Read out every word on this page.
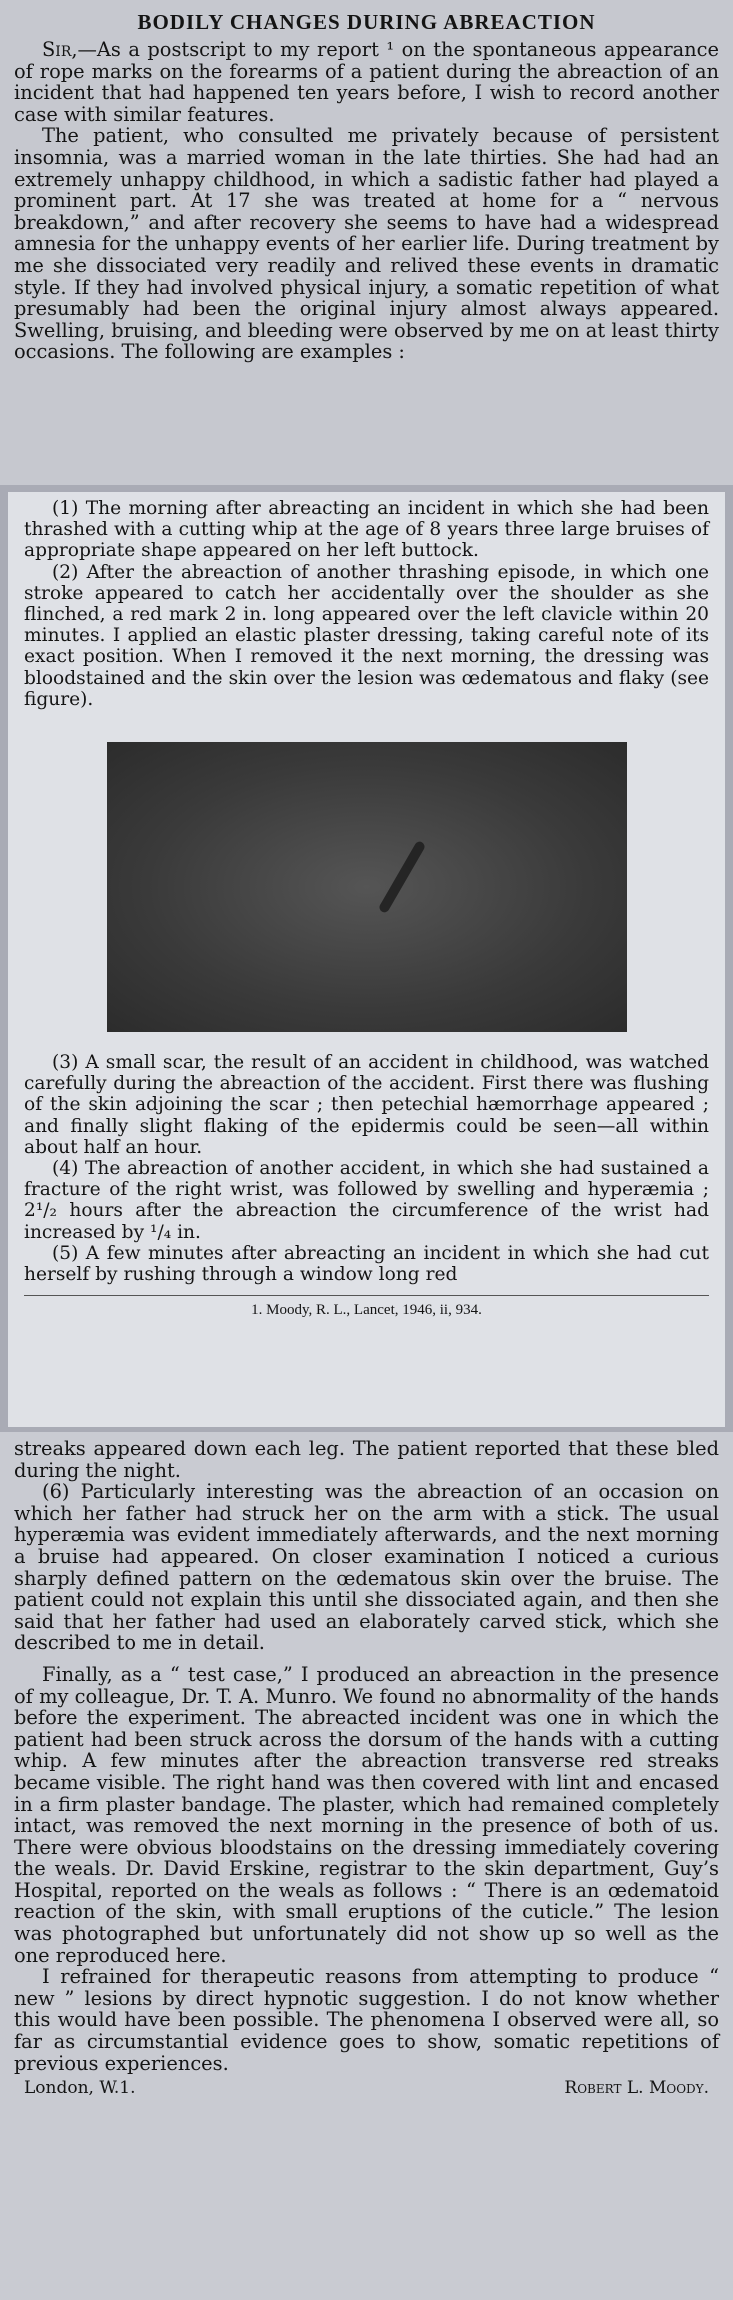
BODILY CHANGES DURING ABREACTION

Sir,—As a postscript to my report ¹ on the spontaneous appearance of rope marks on the forearms of a patient during the abreaction of an incident that had happened ten years before, I wish to record another case with similar features.

The patient, who consulted me privately because of persistent insomnia, was a married woman in the late thirties. She had had an extremely unhappy childhood, in which a sadistic father had played a prominent part. At 17 she was treated at home for a “ nervous breakdown,” and after recovery she seems to have had a widespread amnesia for the unhappy events of her earlier life. During treatment by me she dissociated very readily and relived these events in dramatic style. If they had involved physical injury, a somatic repetition of what presumably had been the original injury almost always appeared. Swelling, bruising, and bleeding were observed by me on at least thirty occasions. The following are examples :

(1) The morning after abreacting an incident in which she had been thrashed with a cutting whip at the age of 8 years three large bruises of appropriate shape appeared on her left buttock.

(2) After the abreaction of another thrashing episode, in which one stroke appeared to catch her accidentally over the shoulder as she flinched, a red mark 2 in. long appeared over the left clavicle within 20 minutes. I applied an elastic plaster dressing, taking careful note of its exact position. When I removed it the next morning, the dressing was bloodstained and the skin over the lesion was œdematous and flaky (see figure).

(3) A small scar, the result of an accident in childhood, was watched carefully during the abreaction of the accident. First there was flushing of the skin adjoining the scar ; then petechial hæmorrhage appeared ; and finally slight flaking of the epidermis could be seen—all within about half an hour.

(4) The abreaction of another accident, in which she had sustained a fracture of the right wrist, was followed by swelling and hyperæmia ; 2¹/₂ hours after the abreaction the circumference of the wrist had increased by ¹/₄ in.

(5) A few minutes after abreacting an incident in which she had cut herself by rushing through a window long red

1. Moody, R. L., Lancet, 1946, ii, 934.

streaks appeared down each leg. The patient reported that these bled during the night.

(6) Particularly interesting was the abreaction of an occasion on which her father had struck her on the arm with a stick. The usual hyperæmia was evident immediately afterwards, and the next morning a bruise had appeared. On closer examination I noticed a curious sharply defined pattern on the œdematous skin over the bruise. The patient could not explain this until she dissociated again, and then she said that her father had used an elaborately carved stick, which she described to me in detail.

Finally, as a “ test case,” I produced an abreaction in the presence of my colleague, Dr. T. A. Munro. We found no abnormality of the hands before the experiment. The abreacted incident was one in which the patient had been struck across the dorsum of the hands with a cutting whip. A few minutes after the abreaction transverse red streaks became visible. The right hand was then covered with lint and encased in a firm plaster bandage. The plaster, which had remained completely intact, was removed the next morning in the presence of both of us. There were obvious bloodstains on the dressing immediately covering the weals. Dr. David Erskine, registrar to the skin department, Guy’s Hospital, reported on the weals as follows : “ There is an œdematoid reaction of the skin, with small eruptions of the cuticle.” The lesion was photographed but unfortunately did not show up so well as the one reproduced here.

I refrained for therapeutic reasons from attempting to produce “ new ” lesions by direct hypnotic suggestion. I do not know whether this would have been possible. The phenomena I observed were all, so far as circumstantial evidence goes to show, somatic repetitions of previous experiences.

London, W.1.	Robert L. Moody.
